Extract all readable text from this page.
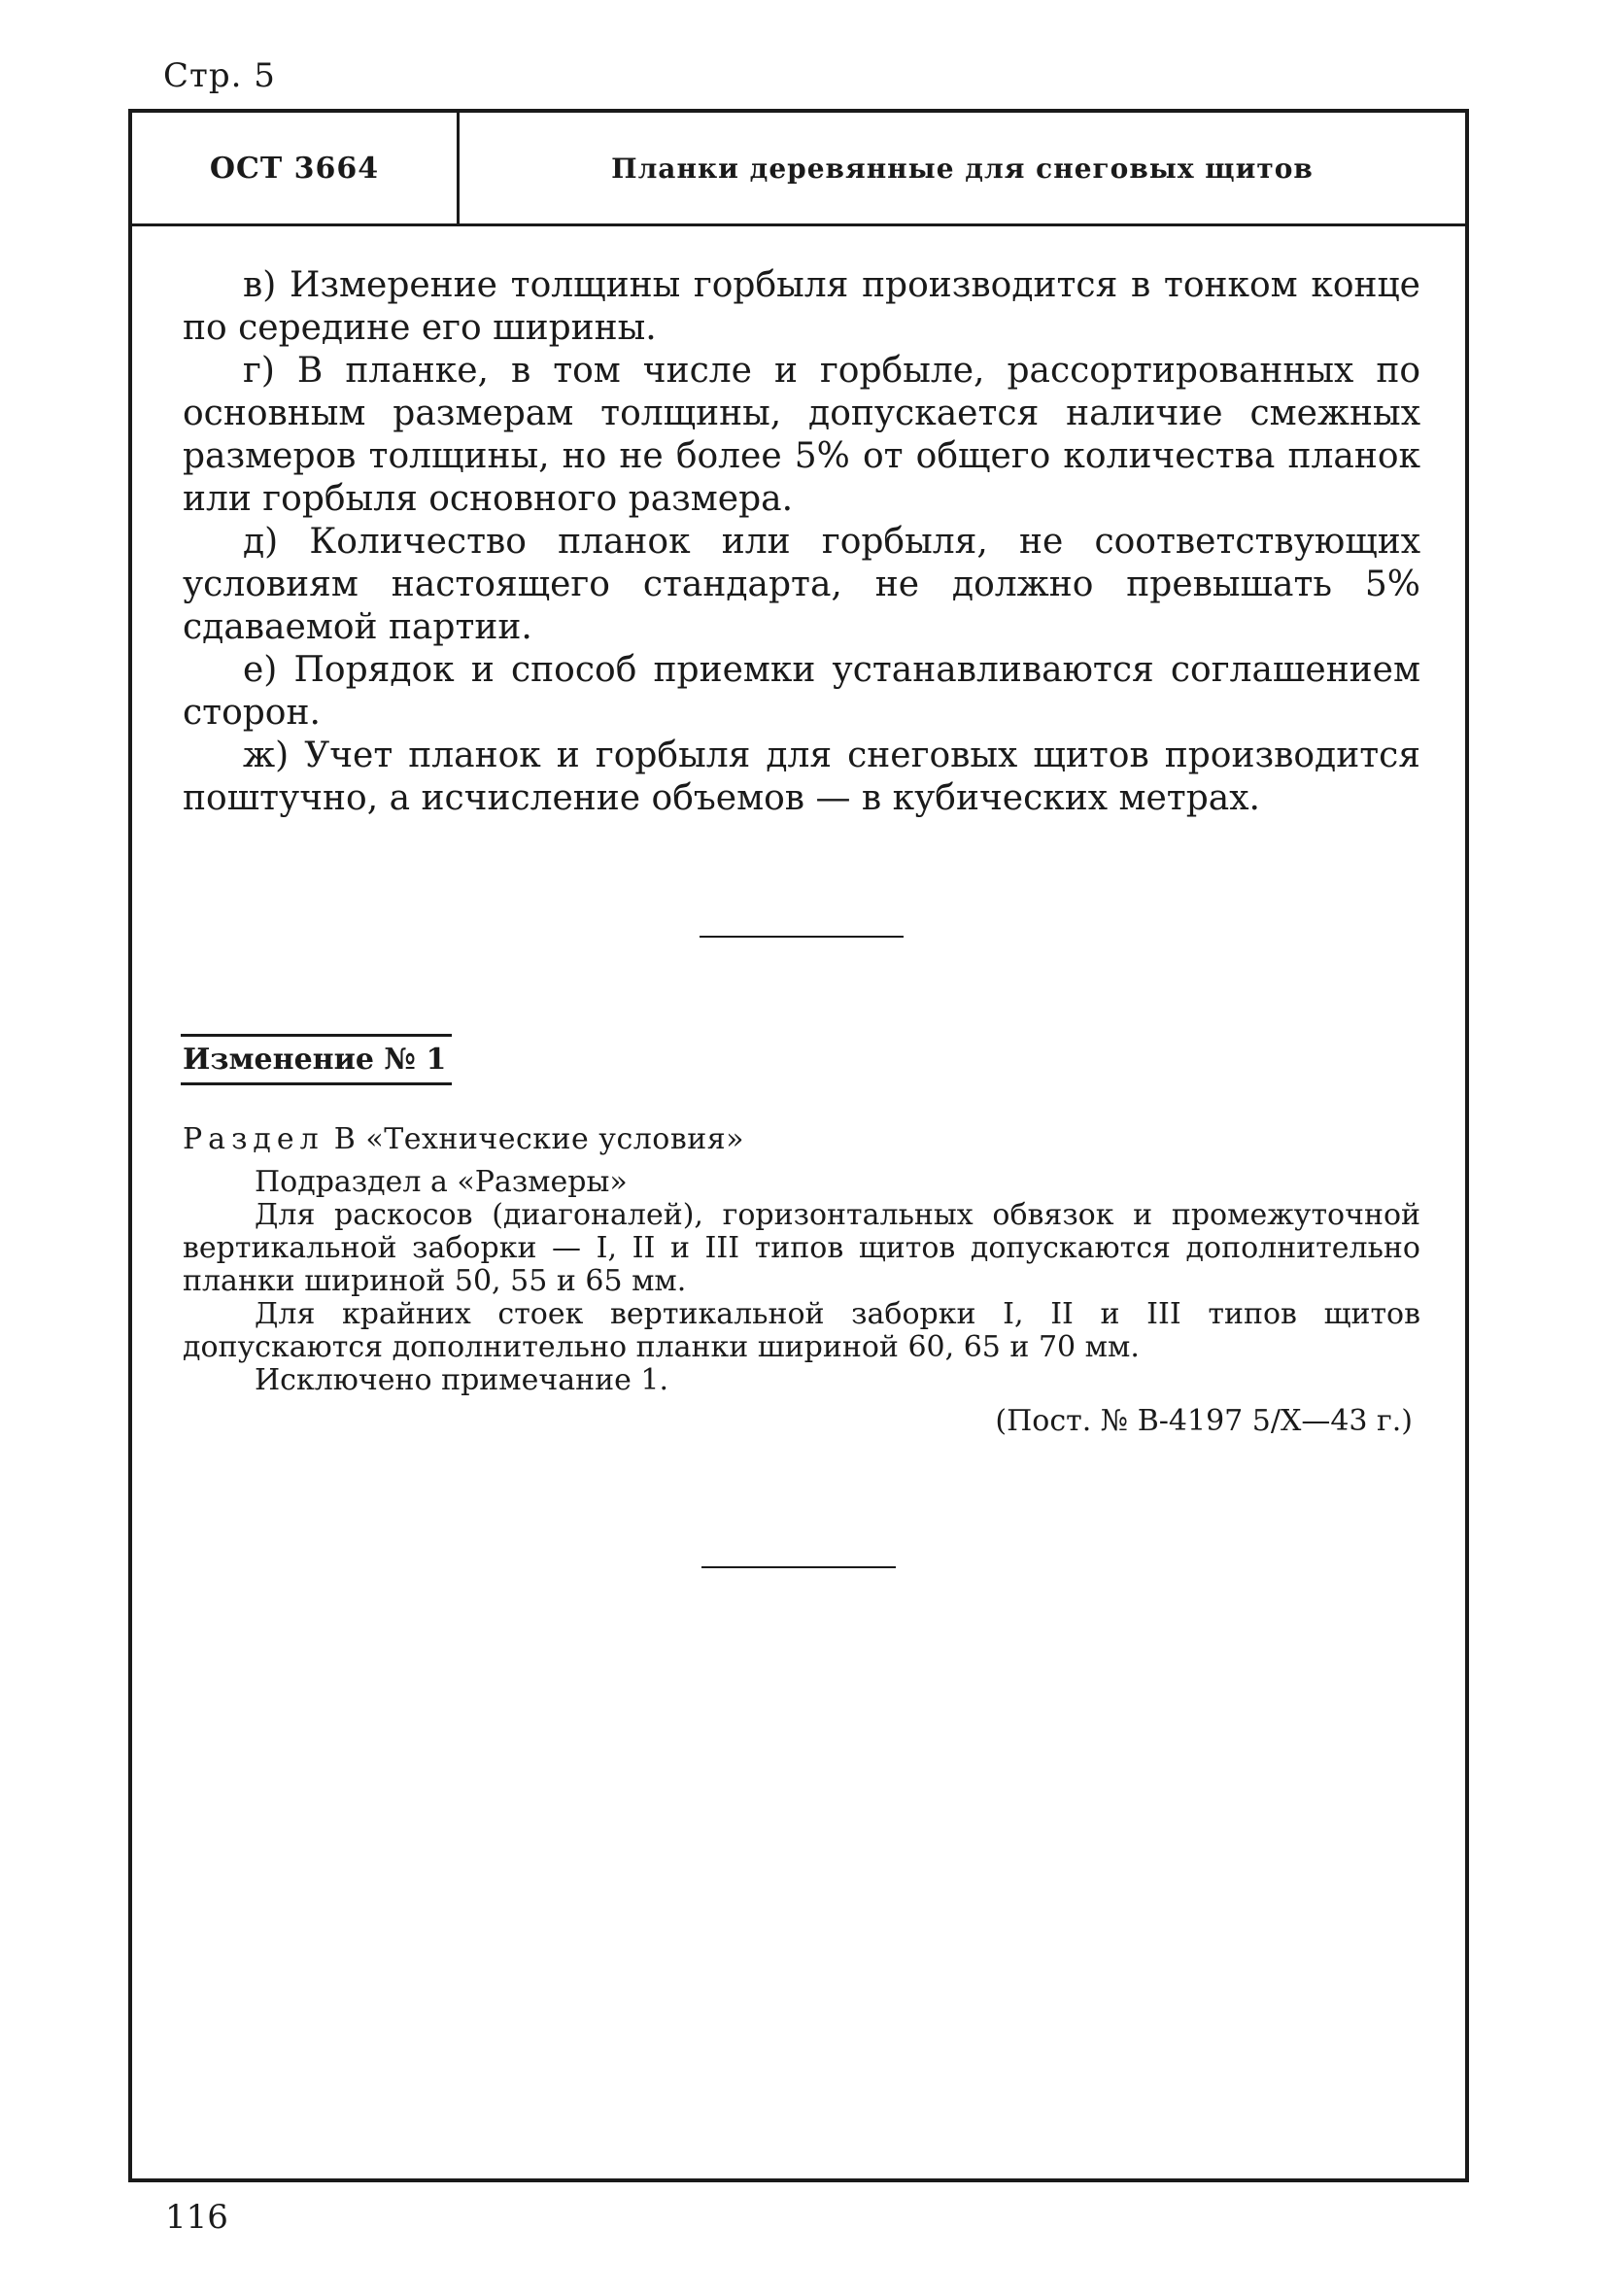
Стр. 5
ОСТ 3664	Планки деревянные для снеговых щитов

в) Измерение толщины горбыля производится в тонком конце по середине его ширины.

г) В планке, в том числе и горбыле, рассортированных по основным размерам толщины, допускается наличие смежных размеров толщины, но не более 5% от общего количества планок или горбыля основного размера.

д) Количество планок или горбыля, не соответствующих условиям настоящего стандарта, не должно превышать 5% сдаваемой партии.

е) Порядок и способ приемки устанавливаются соглашением сторон.

ж) Учет планок и горбыля для снеговых щитов производится поштучно, а исчисление объемов — в кубических метрах.

Изменение № 1
Раздел В «Технические условия»

Подраздел а «Размеры»

Для раскосов (диагоналей), горизонтальных обвязок и промежуточной вертикальной заборки — I, II и III типов щитов допускаются дополнительно планки шириной 50, 55 и 65 мм.

Для крайних стоек вертикальной заборки I, II и III типов щитов допускаются дополнительно планки шириной 60, 65 и 70 мм.

Исключено примечание 1.

(Пост. № В-4197 5/X—43 г.)
116
